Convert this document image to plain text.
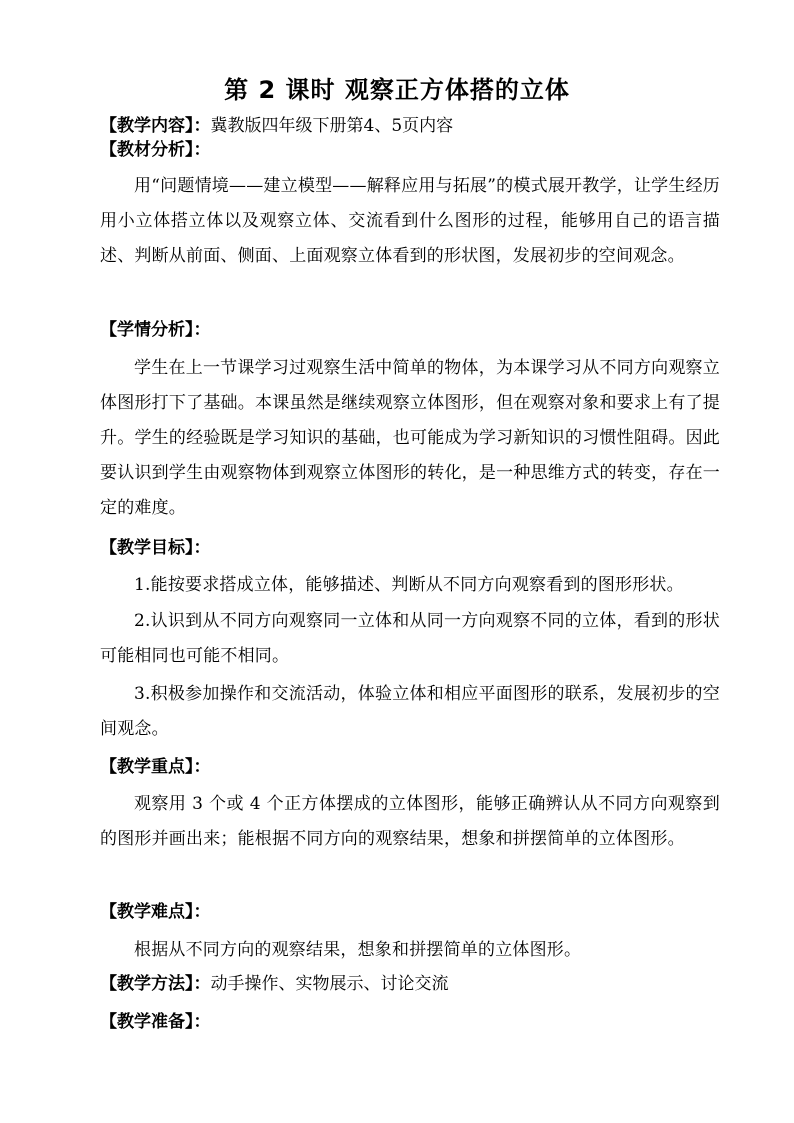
第 2 课时 观察正方体搭的立体
【教学内容】：冀教版四年级下册第4、5页内容
【教材分析】：

用“问题情境——建立模型——解释应用与拓展”的模式展开教学，让学生经历用小立体搭立体以及观察立体、交流看到什么图形的过程，能够用自己的语言描述、判断从前面、侧面、上面观察立体看到的形状图，发展初步的空间观念。

【学情分析】：

学生在上一节课学习过观察生活中简单的物体，为本课学习从不同方向观察立体图形打下了基础。本课虽然是继续观察立体图形，但在观察对象和要求上有了提升。学生的经验既是学习知识的基础，也可能成为学习新知识的习惯性阻碍。因此要认识到学生由观察物体到观察立体图形的转化，是一种思维方式的转变，存在一定的难度。

【教学目标】：

1.能按要求搭成立体，能够描述、判断从不同方向观察看到的图形形状。

2.认识到从不同方向观察同一立体和从同一方向观察不同的立体，看到的形状可能相同也可能不相同。

3.积极参加操作和交流活动，体验立体和相应平面图形的联系，发展初步的空间观念。

【教学重点】：

观察用 3 个或 4 个正方体摆成的立体图形，能够正确辨认从不同方向观察到的图形并画出来；能根据不同方向的观察结果，想象和拼摆简单的立体图形。

【教学难点】：

根据从不同方向的观察结果，想象和拼摆简单的立体图形。

【教学方法】：动手操作、实物展示、讨论交流
【教学准备】：
